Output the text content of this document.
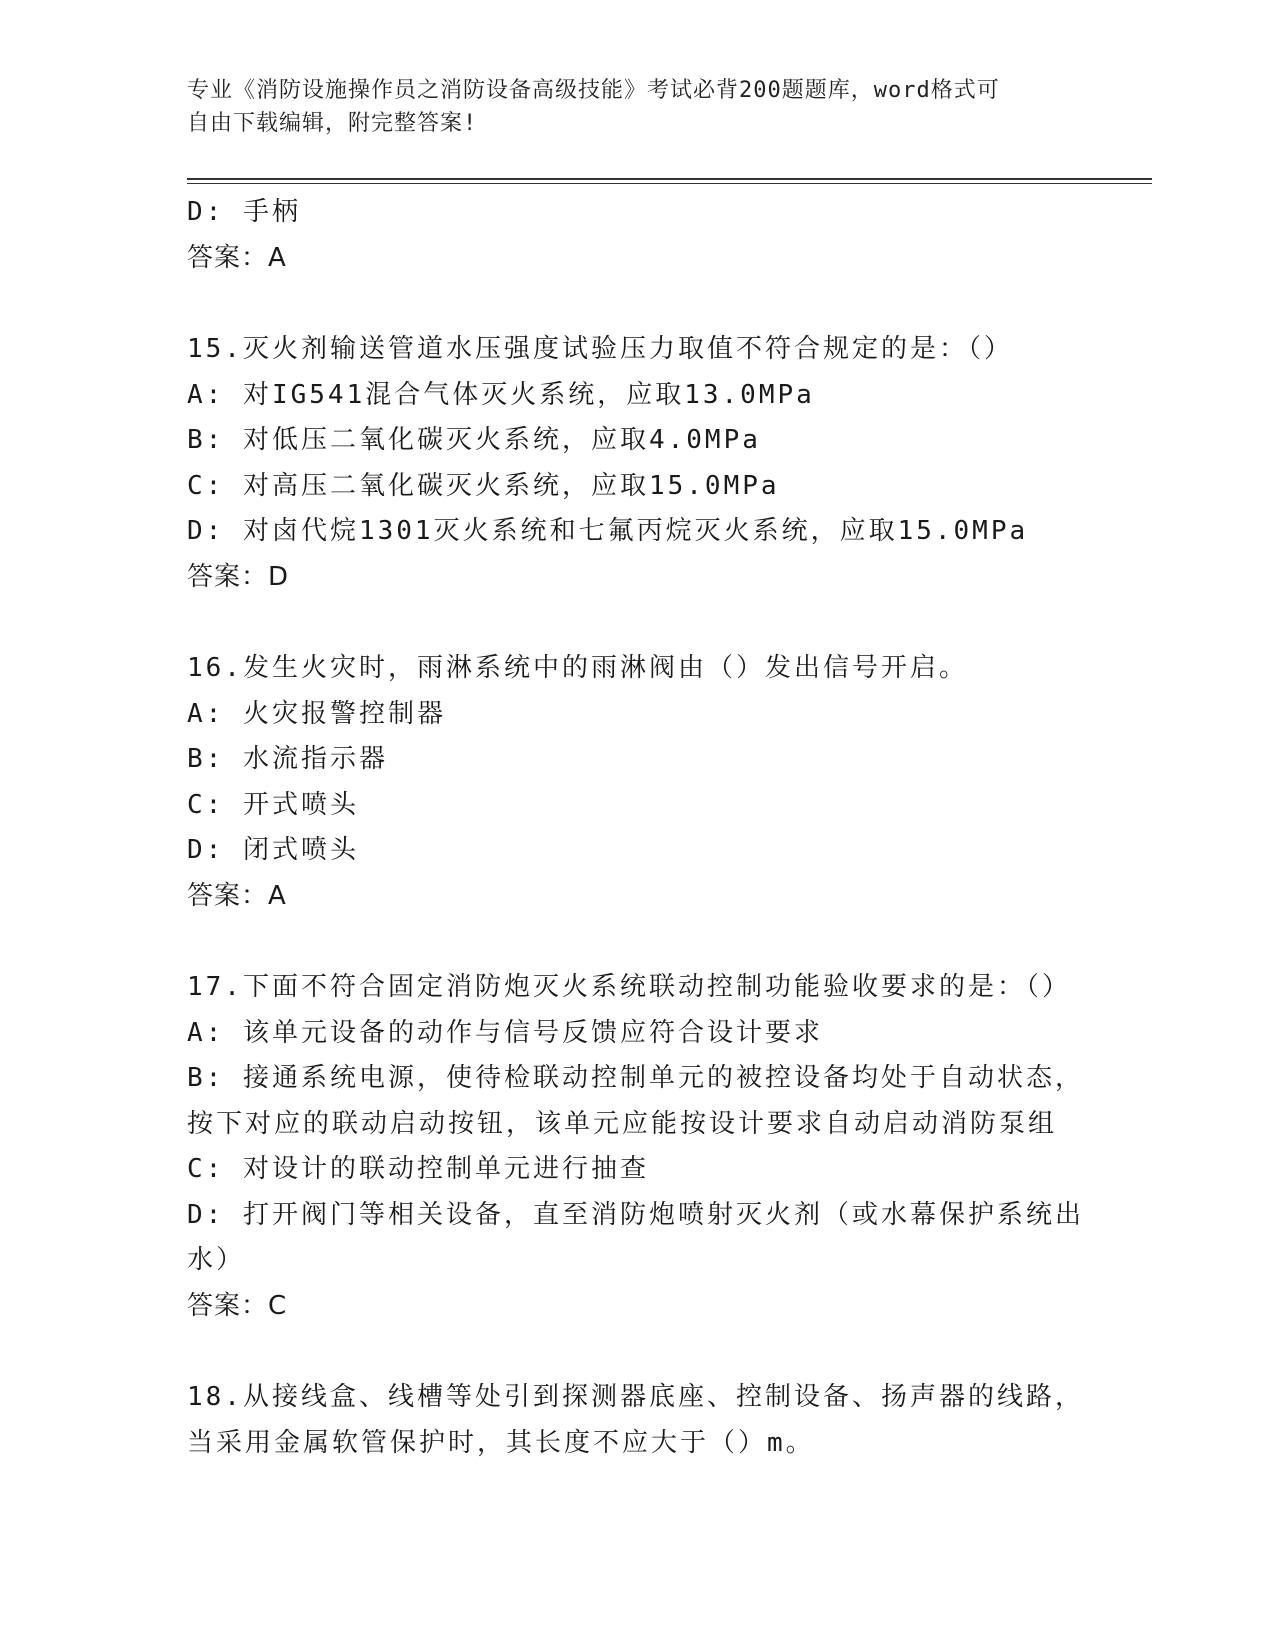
专业《消防设施操作员之消防设备高级技能》考试必背200题题库，word格式可
自由下载编辑，附完整答案!

D: 手柄

答案：A

15.灭火剂输送管道水压强度试验压力取值不符合规定的是：（）

A: 对IG541混合气体灭火系统，应取13.0MPa

B: 对低压二氧化碳灭火系统，应取4.0MPa

C: 对高压二氧化碳灭火系统，应取15.0MPa

D: 对卤代烷1301灭火系统和七氟丙烷灭火系统，应取15.0MPa

答案：D

16.发生火灾时，雨淋系统中的雨淋阀由（）发出信号开启。

A: 火灾报警控制器

B: 水流指示器

C: 开式喷头

D: 闭式喷头

答案：A

17.下面不符合固定消防炮灭火系统联动控制功能验收要求的是：（）

A: 该单元设备的动作与信号反馈应符合设计要求

B: 接通系统电源，使待检联动控制单元的被控设备均处于自动状态，

按下对应的联动启动按钮，该单元应能按设计要求自动启动消防泵组

C: 对设计的联动控制单元进行抽查

D: 打开阀门等相关设备，直至消防炮喷射灭火剂（或水幕保护系统出

水）

答案：C

18.从接线盒、线槽等处引到探测器底座、控制设备、扬声器的线路，

当采用金属软管保护时，其长度不应大于（）m。
